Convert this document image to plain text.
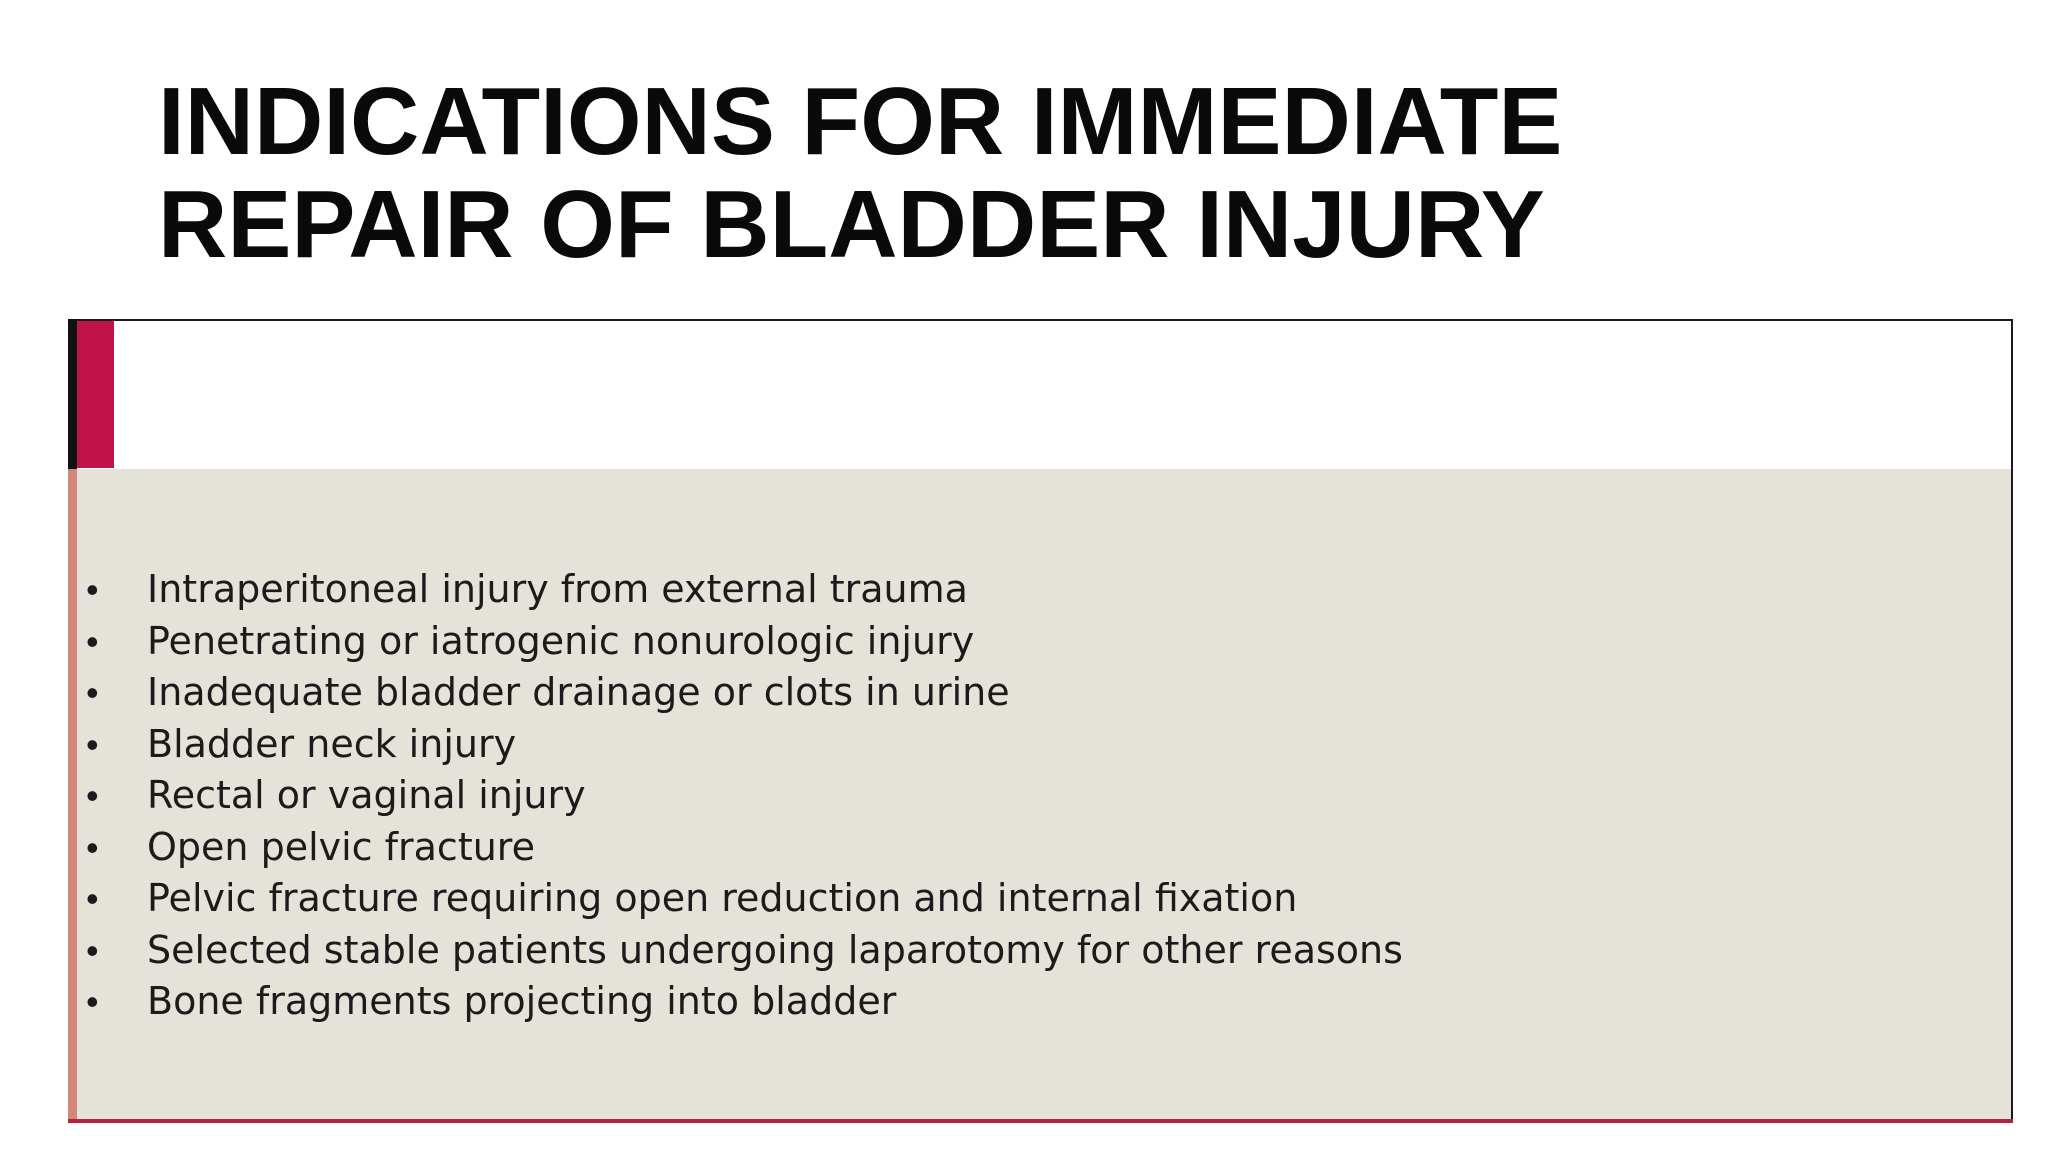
INDICATIONS FOR IMMEDIATE
REPAIR OF BLADDER INJURY
• Intraperitoneal injury from external trauma
• Penetrating or iatrogenic nonurologic injury
• Inadequate bladder drainage or clots in urine
• Bladder neck injury
• Rectal or vaginal injury
• Open pelvic fracture
• Pelvic fracture requiring open reduction and internal fixation
• Selected stable patients undergoing laparotomy for other reasons
• Bone fragments projecting into bladder
